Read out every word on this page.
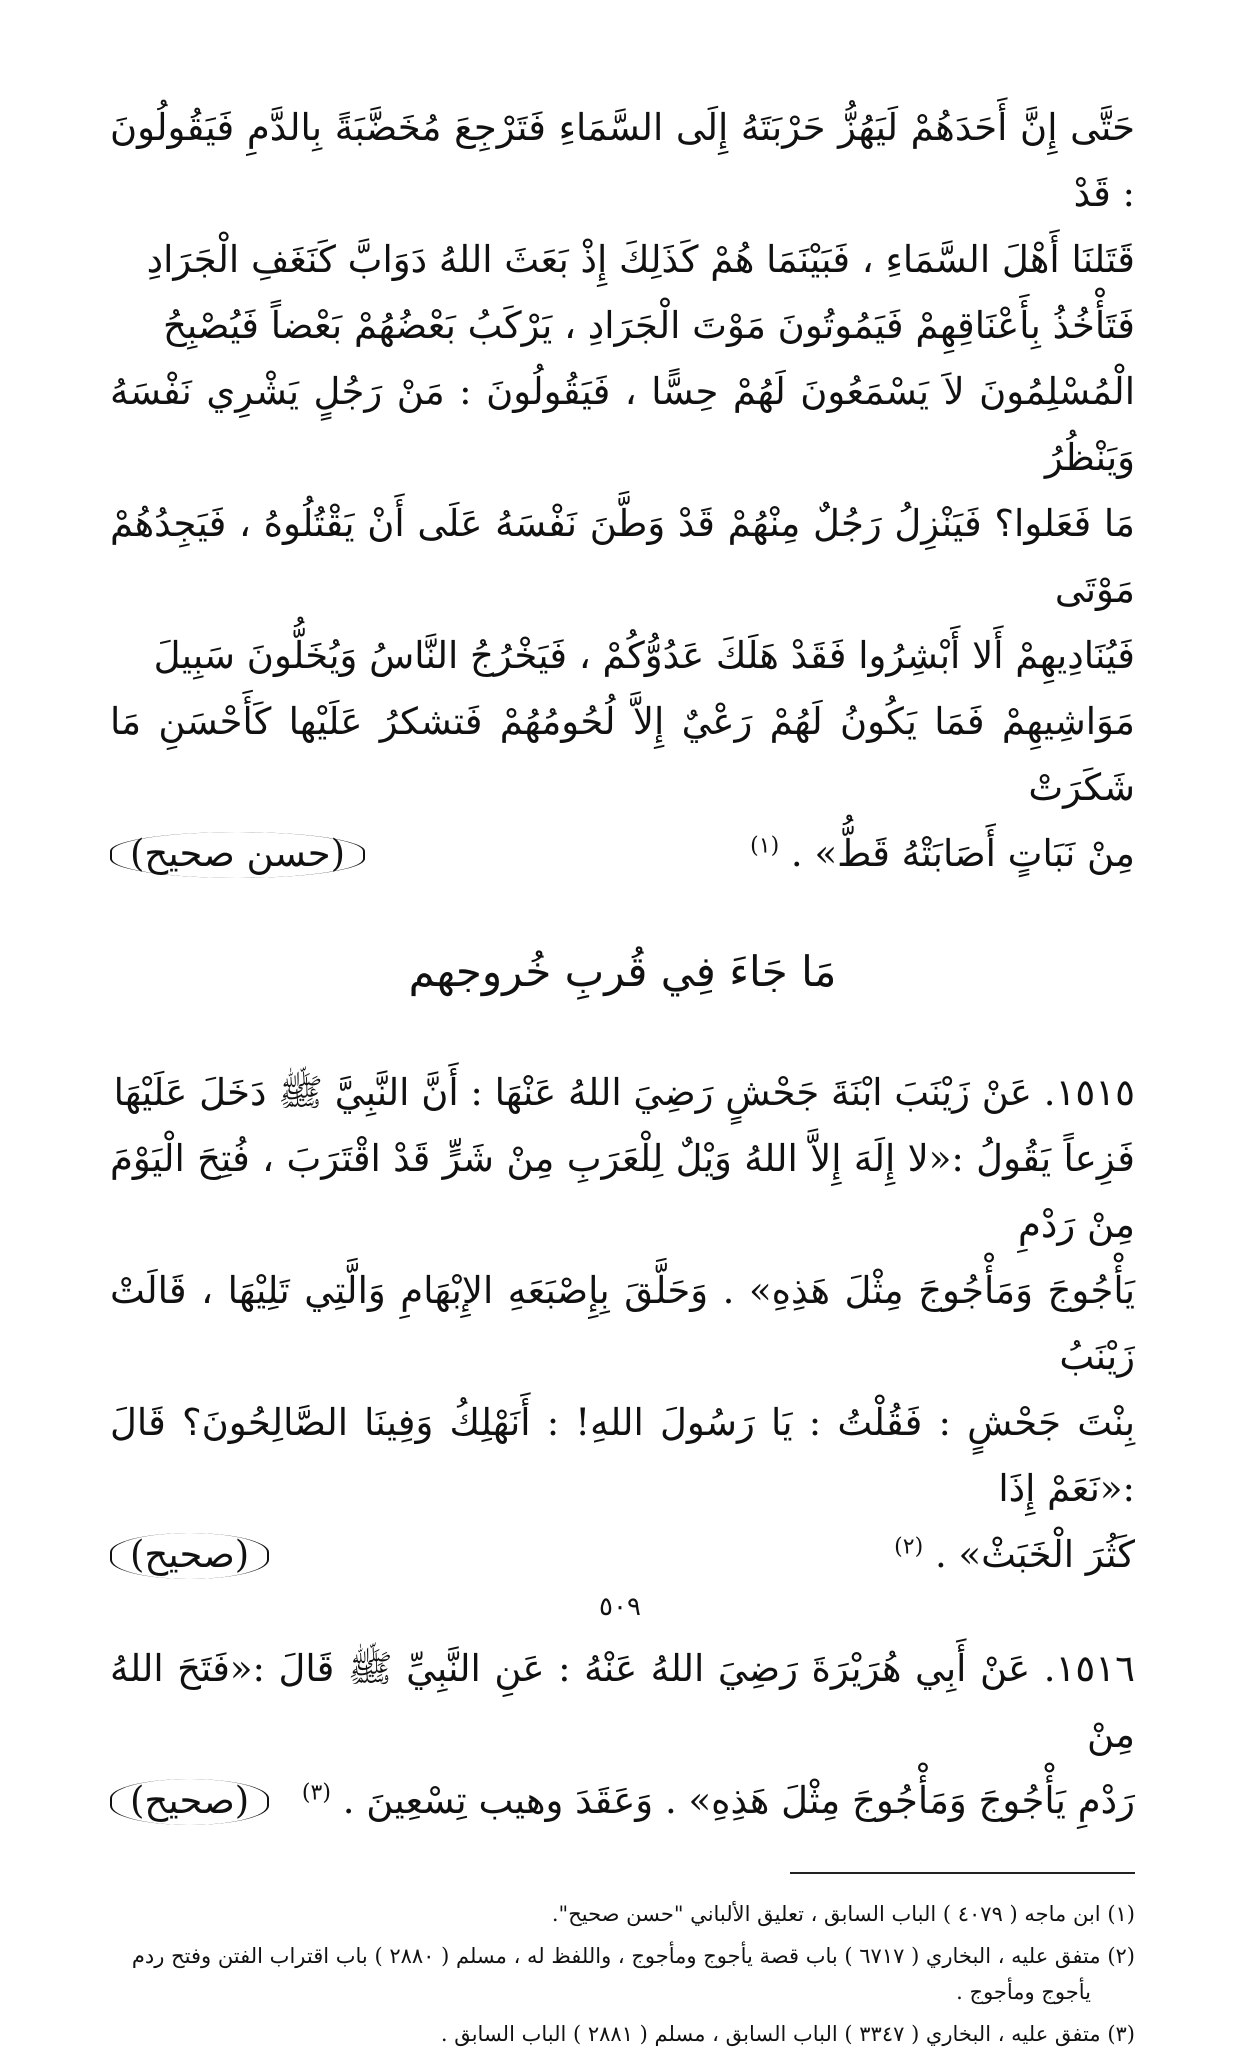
حَتَّى إِنَّ أَحَدَهُمْ لَيَهُزُّ حَرْبَتَهُ إِلَى السَّمَاءِ فَتَرْجِعَ مُخَضَّبَةً بِالدَّمِ فَيَقُولُونَ : قَدْ
قَتَلنَا أَهْلَ السَّمَاءِ ، فَبَيْنَمَا هُمْ كَذَلِكَ إِذْ بَعَثَ اللهُ دَوَابَّ كَنَغَفِ الْجَرَادِ
فَتَأْخُذُ بِأَعْنَاقِهِمْ فَيَمُوتُونَ مَوْتَ الْجَرَادِ ، يَرْكَبُ بَعْضُهُمْ بَعْضاً فَيُصْبِحُ
الْمُسْلِمُونَ لاَ يَسْمَعُونَ لَهُمْ حِسًّا ، فَيَقُولُونَ : مَنْ رَجُلٍ يَشْرِي نَفْسَهُ وَيَنْظُرُ
مَا فَعَلوا؟ فَيَنْزِلُ رَجُلٌ مِنْهُمْ قَدْ وَطَّنَ نَفْسَهُ عَلَى أَنْ يَقْتُلُوهُ ، فَيَجِدُهُمْ مَوْتَى
فَيُنَادِيهِمْ أَلا أَبْشِرُوا فَقَدْ هَلَكَ عَدُوُّكُمْ ، فَيَخْرُجُ النَّاسُ وَيُخَلُّونَ سَبِيلَ
مَوَاشِيهِمْ فَمَا يَكُونُ لَهُمْ رَعْيٌ إِلاَّ لُحُومُهُمْ فَتشكرُ عَلَيْها كَأَحْسَنِ مَا شَكَرَتْ
مِنْ نَبَاتٍ أَصَابَتْهُ قَطُّ» . $^{(١)}$
(حسن صحيح)
مَا جَاءَ فِي قُربِ خُروجهم
١٥١٥. عَنْ زَيْنَبَ ابْنَةَ جَحْشٍ رَضِيَ اللهُ عَنْهَا : أَنَّ النَّبِيَّ ﷺ دَخَلَ عَلَيْهَا
فَزِعاً يَقُولُ :«لا إِلَهَ إِلاَّ اللهُ وَيْلٌ لِلْعَرَبِ مِنْ شَرٍّ قَدْ اقْتَرَبَ ، فُتِحَ الْيَوْمَ مِنْ رَدْمِ
يَأْجُوجَ وَمَأْجُوجَ مِثْلَ هَذِهِ» . وَحَلَّقَ بِإِصْبَعَهِ الإِبْهَامِ وَالَّتِي تَلِيْهَا ، قَالَتْ زَيْنَبُ
بِنْتَ جَحْشٍ : فَقُلْتُ : يَا رَسُولَ اللهِ! : أَنَهْلِكُ وَفِينَا الصَّالِحُونَ؟ قَالَ :«نَعَمْ إِذَا
كَثُرَ الْخَبَثْ» . $^{(٢)}$
(صحيح)
١٥١٦. عَنْ أَبِي هُرَيْرَةَ رَضِيَ اللهُ عَنْهُ : عَنِ النَّبِيِّ ﷺ قَالَ :«فَتَحَ اللهُ مِنْ
رَدْمِ يَأْجُوجَ وَمَأْجُوجَ مِثْلَ هَذِهِ» . وَعَقَدَ وهيب تِسْعِينَ . $^{(٣)}$
(صحيح)

(١) ابن ماجه ( ٤٠٧٩ ) الباب السابق ، تعليق الألباني "حسن صحيح".

(٢) متفق عليه ، البخاري ( ٦٧١٧ ) باب قصة يأجوج ومأجوج ، واللفظ له ، مسلم ( ٢٨٨٠ ) باب اقتراب الفتن وفتح ردم

يأجوج ومأجوج .

(٣) متفق عليه ، البخاري ( ٣٣٤٧ ) الباب السابق ، مسلم ( ٢٨٨١ ) الباب السابق .

٥٠٩
